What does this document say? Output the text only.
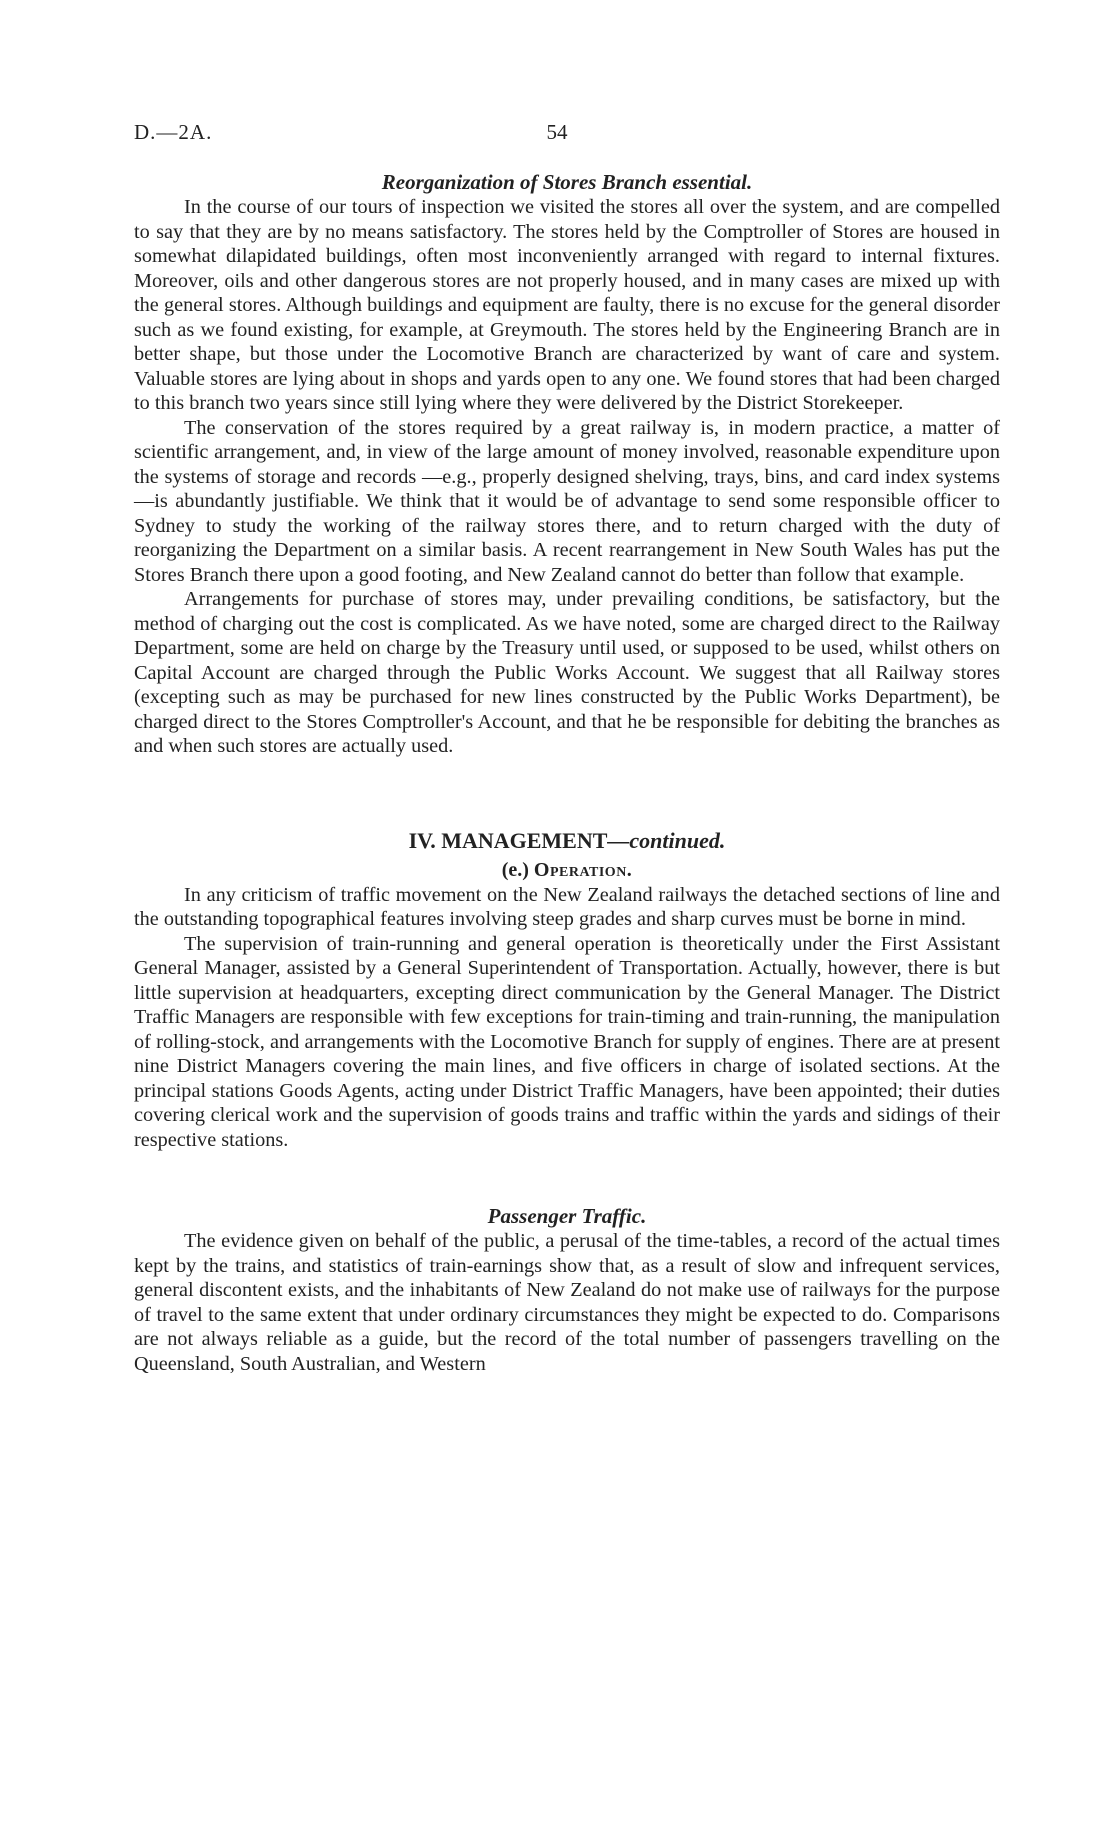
D.—2A.	54
Reorganization of Stores Branch essential.

In the course of our tours of inspection we visited the stores all over the system, and are compelled to say that they are by no means satisfactory. The stores held by the Comptroller of Stores are housed in somewhat dilapidated buildings, often most inconveniently arranged with regard to internal fixtures. Moreover, oils and other dangerous stores are not properly housed, and in many cases are mixed up with the general stores. Although buildings and equipment are faulty, there is no excuse for the general disorder such as we found existing, for example, at Greymouth. The stores held by the Engineering Branch are in better shape, but those under the Locomotive Branch are characterized by want of care and system. Valuable stores are lying about in shops and yards open to any one. We found stores that had been charged to this branch two years since still lying where they were delivered by the District Storekeeper.

The conservation of the stores required by a great railway is, in modern practice, a matter of scientific arrangement, and, in view of the large amount of money involved, reasonable expenditure upon the systems of storage and records —e.g., properly designed shelving, trays, bins, and card index systems—is abundantly justifiable. We think that it would be of advantage to send some responsible officer to Sydney to study the working of the railway stores there, and to return charged with the duty of reorganizing the Department on a similar basis. A recent rearrangement in New South Wales has put the Stores Branch there upon a good footing, and New Zealand cannot do better than follow that example.

Arrangements for purchase of stores may, under prevailing conditions, be satisfactory, but the method of charging out the cost is complicated. As we have noted, some are charged direct to the Railway Department, some are held on charge by the Treasury until used, or supposed to be used, whilst others on Capital Account are charged through the Public Works Account. We suggest that all Railway stores (excepting such as may be purchased for new lines constructed by the Public Works Department), be charged direct to the Stores Comptroller's Account, and that he be responsible for debiting the branches as and when such stores are actually used.

IV. MANAGEMENT—continued.
(e.) Operation.

In any criticism of traffic movement on the New Zealand railways the detached sections of line and the outstanding topographical features involving steep grades and sharp curves must be borne in mind.

The supervision of train-running and general operation is theoretically under the First Assistant General Manager, assisted by a General Superintendent of Transportation. Actually, however, there is but little supervision at headquarters, excepting direct communication by the General Manager. The District Traffic Managers are responsible with few exceptions for train-timing and train-running, the manipulation of rolling-stock, and arrangements with the Locomotive Branch for supply of engines. There are at present nine District Managers covering the main lines, and five officers in charge of isolated sections. At the principal stations Goods Agents, acting under District Traffic Managers, have been appointed; their duties covering clerical work and the supervision of goods trains and traffic within the yards and sidings of their respective stations.

Passenger Traffic.

The evidence given on behalf of the public, a perusal of the time-tables, a record of the actual times kept by the trains, and statistics of train-earnings show that, as a result of slow and infrequent services, general discontent exists, and the inhabitants of New Zealand do not make use of railways for the purpose of travel to the same extent that under ordinary circumstances they might be expected to do. Comparisons are not always reliable as a guide, but the record of the total number of passengers travelling on the Queensland, South Australian, and Western
